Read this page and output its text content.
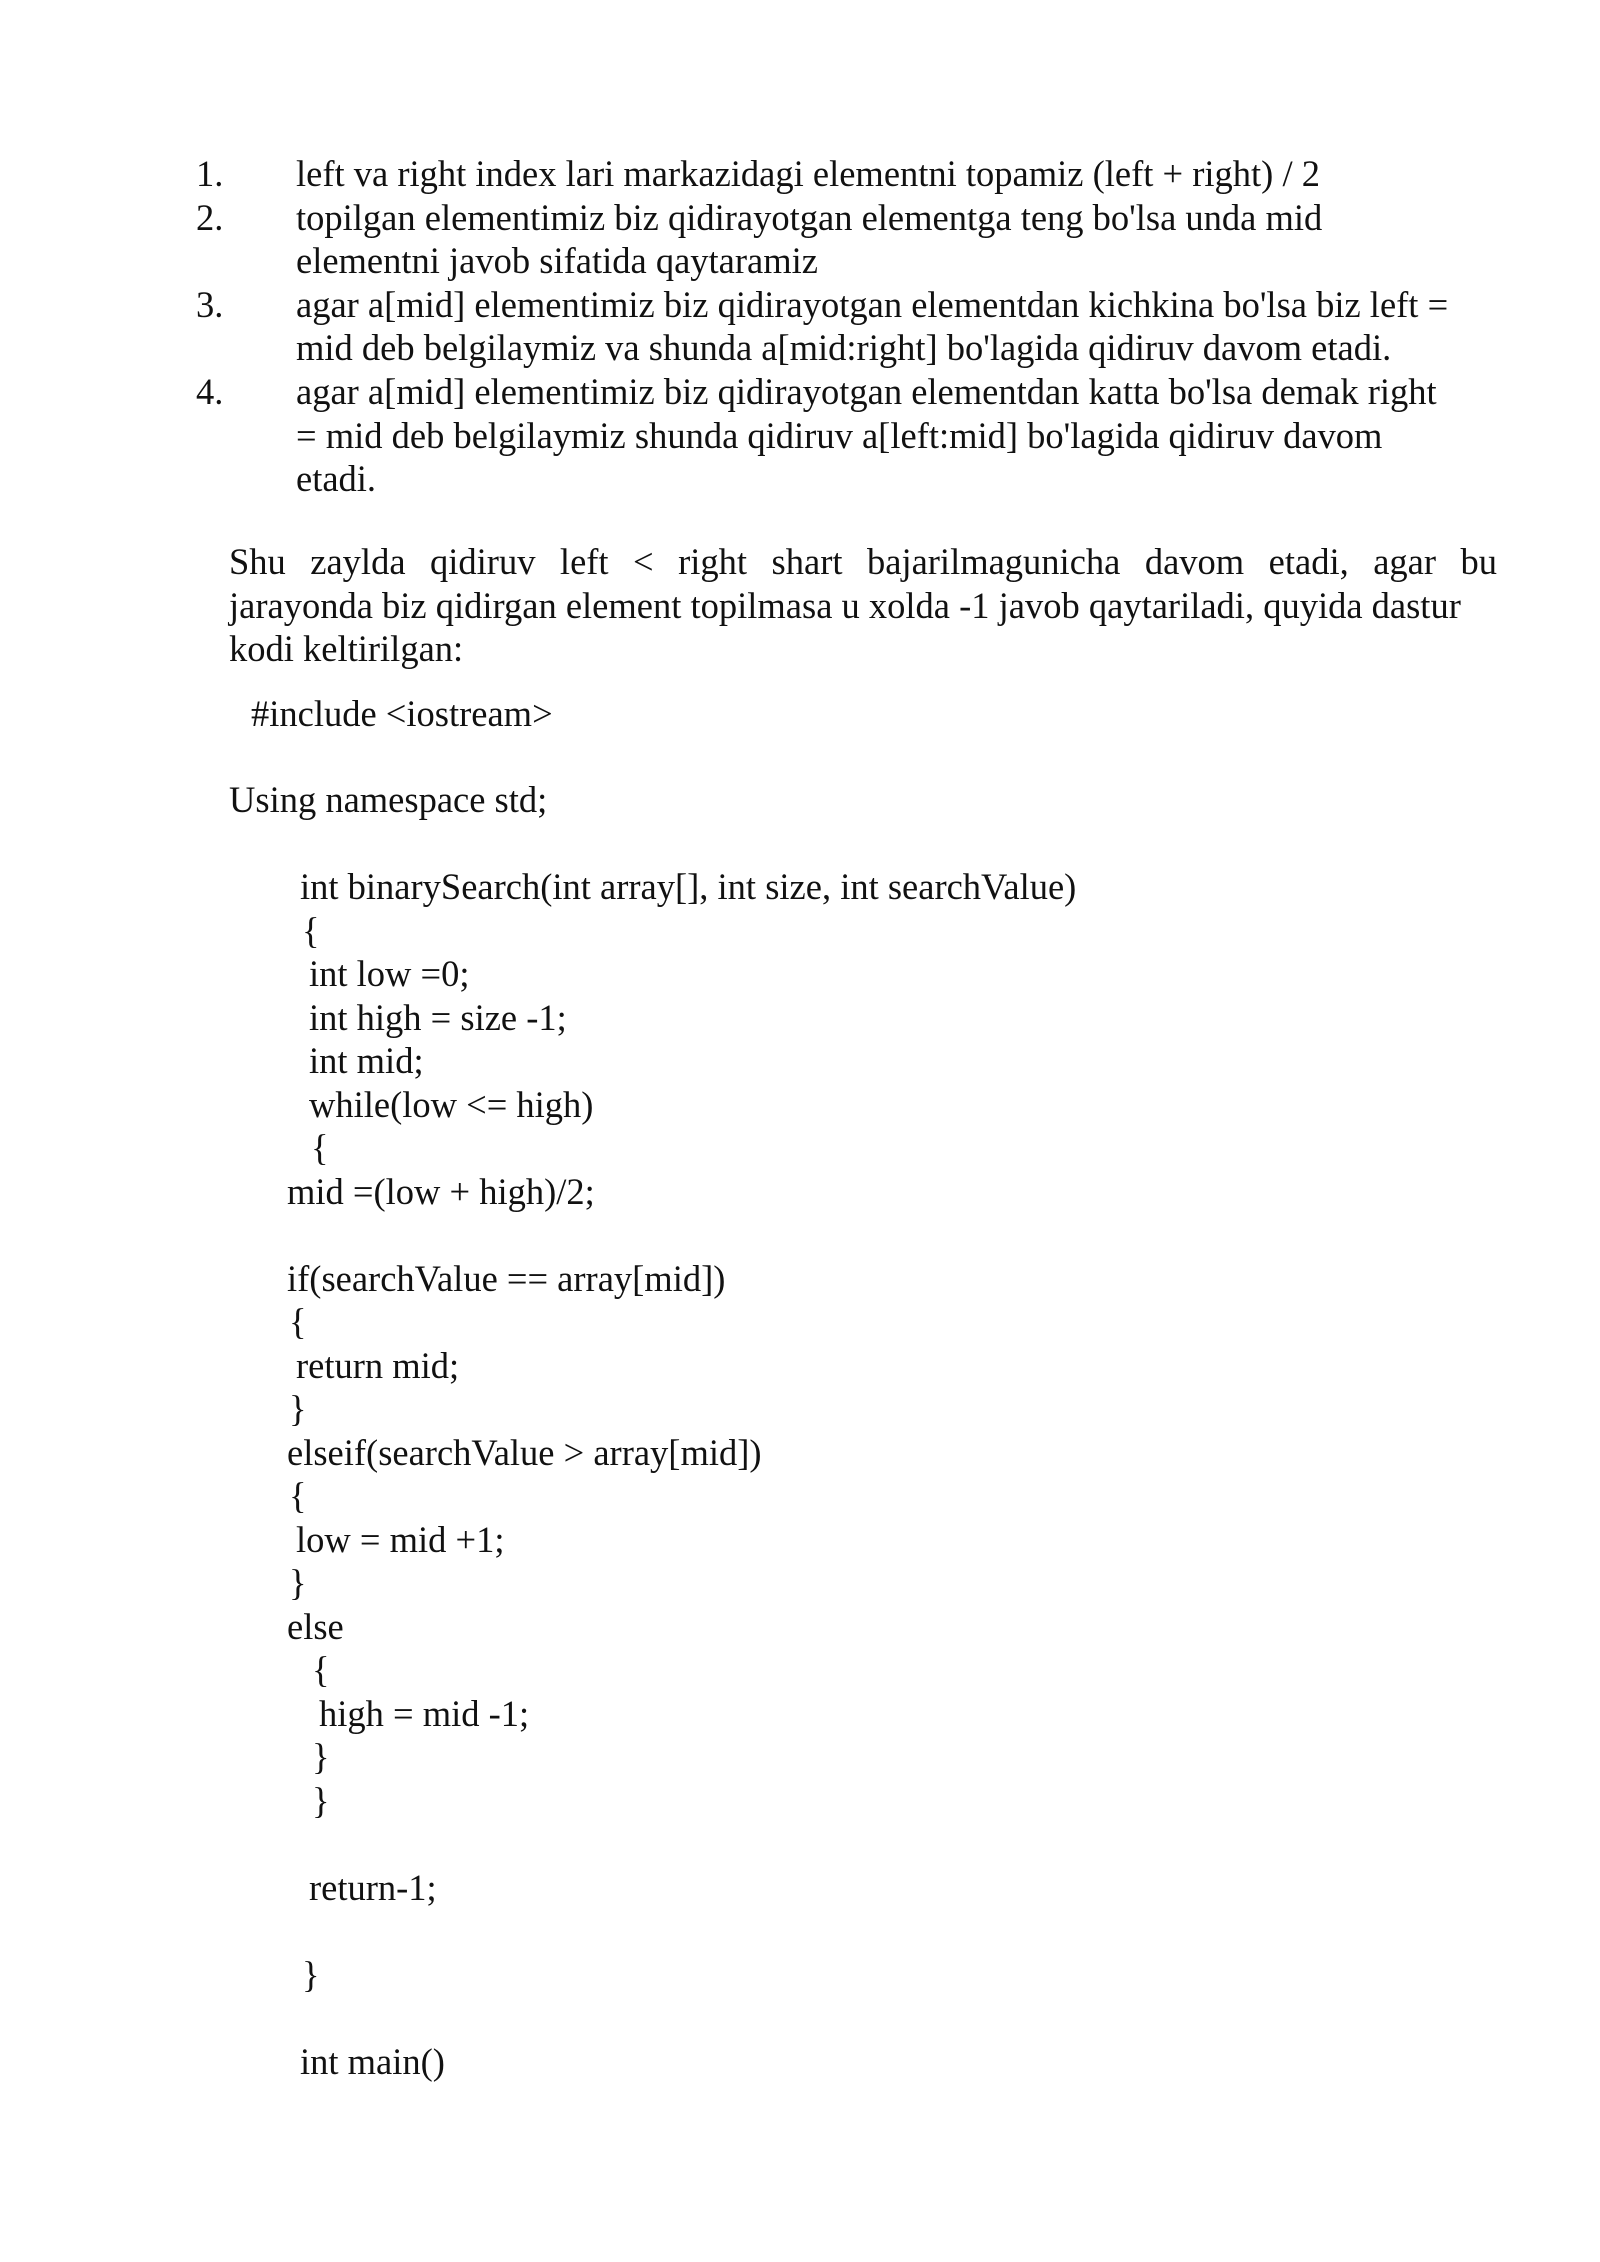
1. left va right index lari markazidagi elementni topamiz (left + right) / 2
2. topilgan elementimiz biz qidirayotgan elementga teng bo'lsa unda mid
elementni javob sifatida qaytaramiz
3. agar a[mid] elementimiz biz qidirayotgan elementdan kichkina bo'lsa biz left =
mid deb belgilaymiz va shunda a[mid:right] bo'lagida qidiruv davom etadi.
4. agar a[mid] elementimiz biz qidirayotgan elementdan katta bo'lsa demak right
= mid deb belgilaymiz shunda qidiruv a[left:mid] bo'lagida qidiruv davom
etadi.

Shu zaylda qidiruv left < right shart bajarilmagunicha davom etadi, agar bu
jarayonda biz qidirgan element topilmasa u xolda -1 javob qaytariladi, quyida dastur
kodi keltirilgan:

#include <iostream>

Using namespace std;

int binarySearch(int array[], int size, int searchValue)

{

int low =0;

int high = size -1;

int mid;

while(low <= high)

{

mid =(low + high)/2;

if(searchValue == array[mid])

{

return mid;

}

elseif(searchValue > array[mid])

{

low = mid +1;

}

else

{

high = mid -1;

}

}

return-1;

}

int main()
